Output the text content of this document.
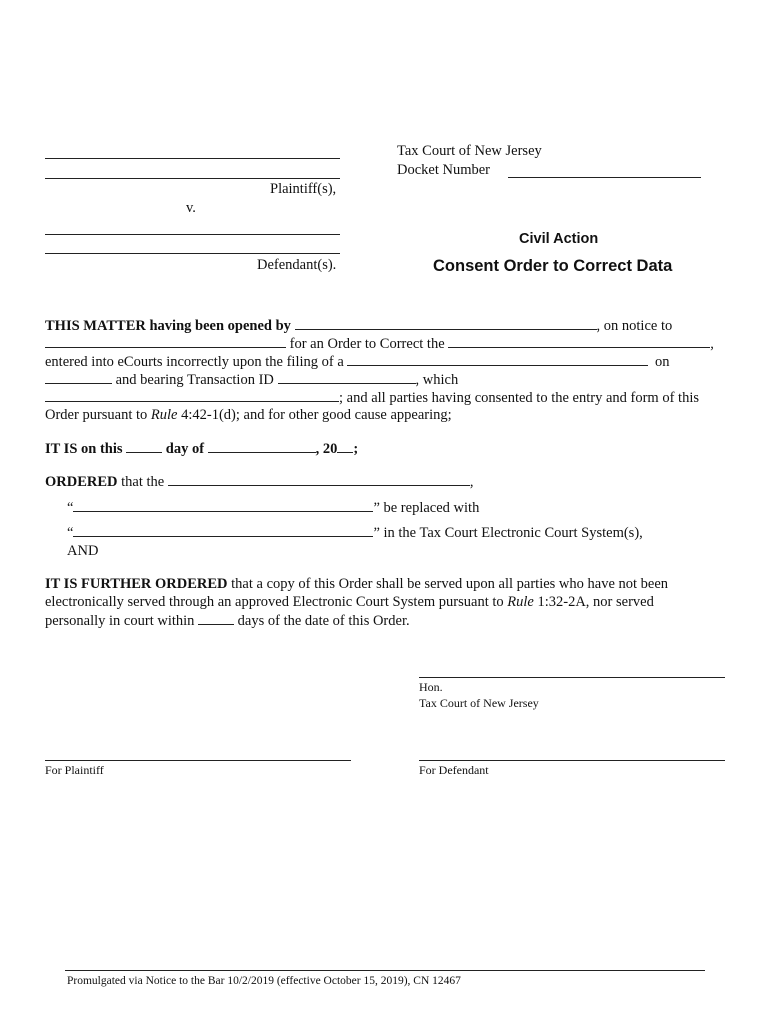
Plaintiff(s),
v.
Defendant(s).
Tax Court of New Jersey
Docket Number
Civil Action
Consent Order to Correct Data
THIS MATTER having been opened by	, on notice to
for an Order to Correct the	,
entered into eCourts incorrectly upon the filing of a	on
and bearing Transaction ID	, which
; and all parties having consented to the entry and form of this
Order pursuant to Rule 4:42-1(d); and for other good cause appearing;
IT IS on this	day of	, 20 ;
ORDERED that the	,
“	” be replaced with
“	” in the Tax Court Electronic Court System(s),
AND
IT IS FURTHER ORDERED that a copy of this Order shall be served upon all parties who have not been
electronically served through an approved Electronic Court System pursuant to Rule 1:32-2A, nor served
personally in court within	days of the date of this Order.
Hon.
Tax Court of New Jersey
For Plaintiff	For Defendant
Promulgated via Notice to the Bar 10/2/2019 (effective October 15, 2019), CN 12467
